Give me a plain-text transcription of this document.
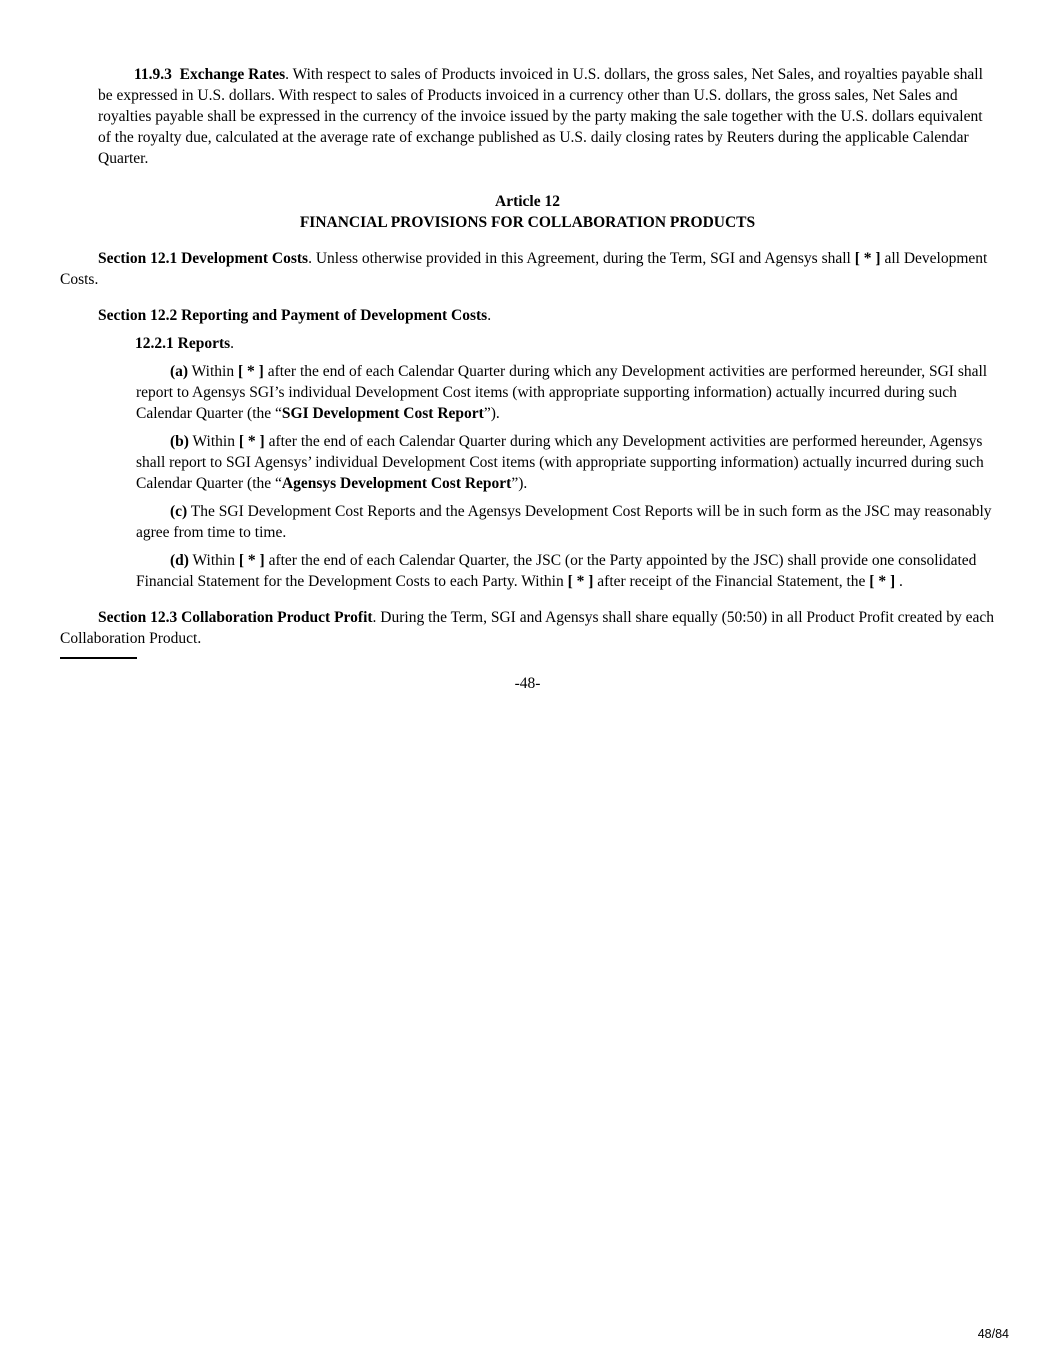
11.9.3 Exchange Rates. With respect to sales of Products invoiced in U.S. dollars, the gross sales, Net Sales, and royalties payable shall be expressed in U.S. dollars. With respect to sales of Products invoiced in a currency other than U.S. dollars, the gross sales, Net Sales and royalties payable shall be expressed in the currency of the invoice issued by the party making the sale together with the U.S. dollars equivalent of the royalty due, calculated at the average rate of exchange published as U.S. daily closing rates by Reuters during the applicable Calendar Quarter.

Article 12
FINANCIAL PROVISIONS FOR COLLABORATION PRODUCTS

Section 12.1 Development Costs. Unless otherwise provided in this Agreement, during the Term, SGI and Agensys shall [ * ] all Development Costs.

Section 12.2 Reporting and Payment of Development Costs.

12.2.1 Reports.

(a) Within [ * ] after the end of each Calendar Quarter during which any Development activities are performed hereunder, SGI shall report to Agensys SGI’s individual Development Cost items (with appropriate supporting information) actually incurred during such Calendar Quarter (the “SGI Development Cost Report”).

(b) Within [ * ] after the end of each Calendar Quarter during which any Development activities are performed hereunder, Agensys shall report to SGI Agensys’ individual Development Cost items (with appropriate supporting information) actually incurred during such Calendar Quarter (the “Agensys Development Cost Report”).

(c) The SGI Development Cost Reports and the Agensys Development Cost Reports will be in such form as the JSC may reasonably agree from time to time.

(d) Within [ * ] after the end of each Calendar Quarter, the JSC (or the Party appointed by the JSC) shall provide one consolidated Financial Statement for the Development Costs to each Party. Within [ * ] after receipt of the Financial Statement, the [ * ] .

Section 12.3 Collaboration Product Profit. During the Term, SGI and Agensys shall share equally (50:50) in all Product Profit created by each Collaboration Product.

-48-
48/84
